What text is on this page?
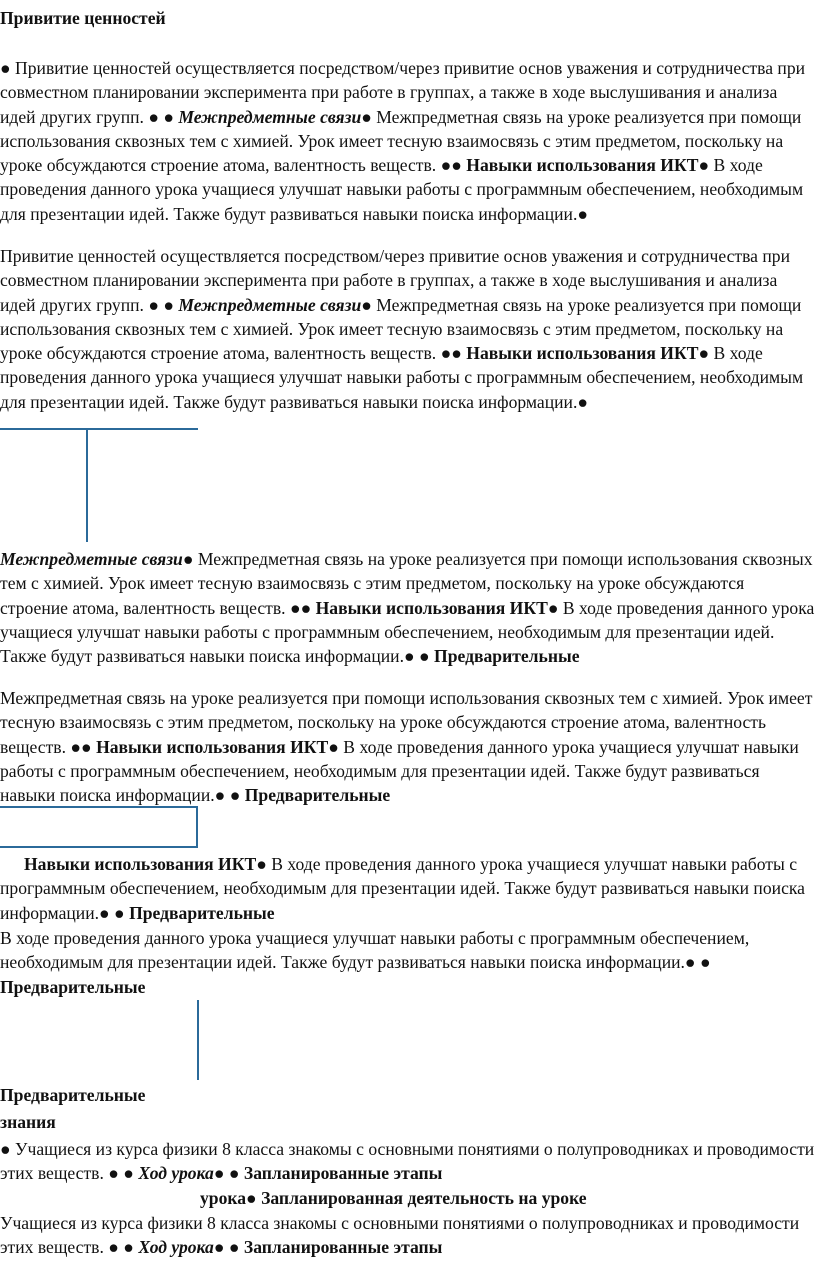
Привитие ценностей

● Привитие ценностей осуществляется посредством/через привитие основ уважения и сотрудничества при совместном планировании эксперимента при работе в группах, а также в ходе выслушивания и анализа идей других групп. ● ● Межпредметные связи● Межпредметная связь на уроке реализуется при помощи использования сквозных тем с химией. Урок имеет тесную взаимосвязь с этим предметом, поскольку на уроке обсуждаются строение атома, валентность веществ. ●● Навыки использования ИКТ● В ходе проведения данного урока учащиеся улучшат навыки работы с программным обеспечением, необходимым для презентации идей. Также будут развиваться навыки поиска информации.●

Привитие ценностей осуществляется посредством/через привитие основ уважения и сотрудничества при совместном планировании эксперимента при работе в группах, а также в ходе выслушивания и анализа идей других групп. ● ● Межпредметные связи● Межпредметная связь на уроке реализуется при помощи использования сквозных тем с химией. Урок имеет тесную взаимосвязь с этим предметом, поскольку на уроке обсуждаются строение атома, валентность веществ. ●● Навыки использования ИКТ● В ходе проведения данного урока учащиеся улучшат навыки работы с программным обеспечением, необходимым для презентации идей. Также будут развиваться навыки поиска информации.●

Межпредметные связи● Межпредметная связь на уроке реализуется при помощи использования сквозных тем с химией. Урок имеет тесную взаимосвязь с этим предметом, поскольку на уроке обсуждаются строение атома, валентность веществ. ●● Навыки использования ИКТ● В ходе проведения данного урока учащиеся улучшат навыки работы с программным обеспечением, необходимым для презентации идей. Также будут развиваться навыки поиска информации.● ● Предварительные

Межпредметная связь на уроке реализуется при помощи использования сквозных тем с химией. Урок имеет тесную взаимосвязь с этим предметом, поскольку на уроке обсуждаются строение атома, валентность веществ. ●● Навыки использования ИКТ● В ходе проведения данного урока учащиеся улучшат навыки работы с программным обеспечением, необходимым для презентации идей. Также будут развиваться навыки поиска информации.● ● Предварительные

Навыки использования ИКТ● В ходе проведения данного урока учащиеся улучшат навыки работы с программным обеспечением, необходимым для презентации идей. Также будут развиваться навыки поиска информации.● ● Предварительные

В ходе проведения данного урока учащиеся улучшат навыки работы с программным обеспечением, необходимым для презентации идей. Также будут развиваться навыки поиска информации.● ● Предварительные

Предварительные
знания
● Учащиеся из курса физики 8 класса знакомы с основными понятиями о полупроводниках и проводимости этих веществ. ● ● Ход урока● ● Запланированные этапы
урока● Запланированная деятельность на уроке

Учащиеся из курса физики 8 класса знакомы с основными понятиями о полупроводниках и проводимости этих веществ. ● ● Ход урока● ● Запланированные этапы
